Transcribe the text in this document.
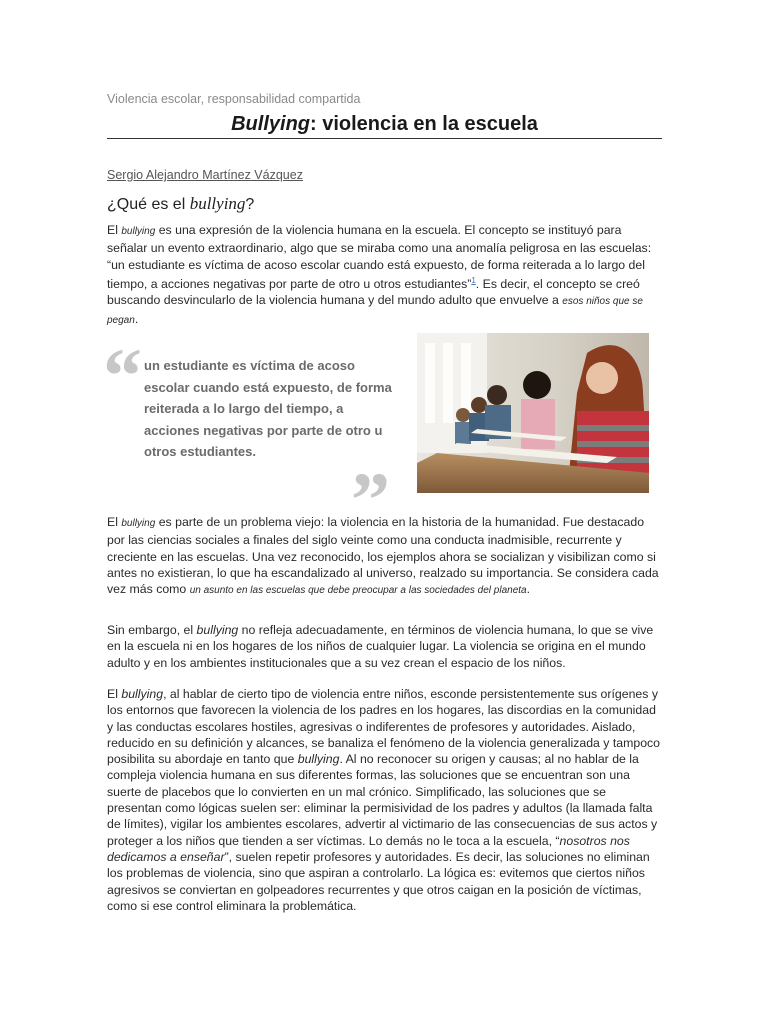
Violencia escolar, responsabilidad compartida
Bullying: violencia en la escuela
Sergio Alejandro Martínez Vázquez
¿Qué es el bullying?
El bullying es una expresión de la violencia humana en la escuela. El concepto se instituyó para señalar un evento extraordinario, algo que se miraba como una anomalía peligrosa en las escuelas: “un estudiante es víctima de acoso escolar cuando está expuesto, de forma reiterada a lo largo del tiempo, a acciones negativas por parte de otro u otros estudiantes”$^1$. Es decir, el concepto se creó buscando desvincularlo de la violencia humana y del mundo adulto que envuelve a esos niños que se pegan.
“ un estudiante es víctima de acoso escolar cuando está expuesto, de forma reiterada a lo largo del tiempo, a acciones negativas por parte de otro u otros estudiantes.
”
El bullying es parte de un problema viejo: la violencia en la historia de la humanidad. Fue destacado por las ciencias sociales a finales del siglo veinte como una conducta inadmisible, recurrente y creciente en las escuelas. Una vez reconocido, los ejemplos ahora se socializan y visibilizan como si antes no existieran, lo que ha escandalizado al universo, realzado su importancia. Se considera cada vez más como un asunto en las escuelas que debe preocupar a las sociedades del planeta.
Sin embargo, el bullying no refleja adecuadamente, en términos de violencia humana, lo que se vive en la escuela ni en los hogares de los niños de cualquier lugar. La violencia se origina en el mundo adulto y en los ambientes institucionales que a su vez crean el espacio de los niños.
El bullying, al hablar de cierto tipo de violencia entre niños, esconde persistentemente sus orígenes y los entornos que favorecen la violencia de los padres en los hogares, las discordias en la comunidad y las conductas escolares hostiles, agresivas o indiferentes de profesores y autoridades. Aislado, reducido en su definición y alcances, se banaliza el fenómeno de la violencia generalizada y tampoco posibilita su abordaje en tanto que bullying. Al no reconocer su origen y causas; al no hablar de la compleja violencia humana en sus diferentes formas, las soluciones que se encuentran son una suerte de placebos que lo convierten en un mal crónico. Simplificado, las soluciones que se presentan como lógicas suelen ser: eliminar la permisividad de los padres y adultos (la llamada falta de límites), vigilar los ambientes escolares, advertir al victimario de las consecuencias de sus actos y proteger a los niños que tienden a ser víctimas. Lo demás no le toca a la escuela, “nosotros nos dedicamos a enseñar”, suelen repetir profesores y autoridades. Es decir, las soluciones no eliminan los problemas de violencia, sino que aspiran a controlarlo. La lógica es: evitemos que ciertos niños agresivos se conviertan en golpeadores recurrentes y que otros caigan en la posición de víctimas, como si ese control eliminara la problemática.
